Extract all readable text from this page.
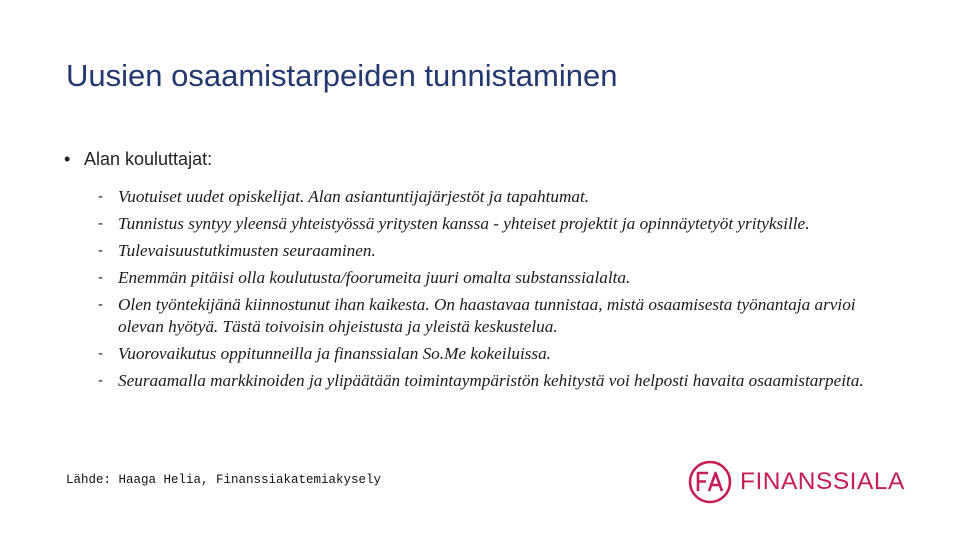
Uusien osaamistarpeiden tunnistaminen
• Alan kouluttajat:
- Vuotuiset uudet opiskelijat. Alan asiantuntijajärjestöt ja tapahtumat.
- Tunnistus syntyy yleensä yhteistyössä yritysten kanssa - yhteiset projektit ja opinnäytetyöt yrityksille.
- Tulevaisuustutkimusten seuraaminen.
- Enemmän pitäisi olla koulutusta/foorumeita juuri omalta substanssialalta.
- Olen työntekijänä kiinnostunut ihan kaikesta. On haastavaa tunnistaa, mistä osaamisesta työnantaja arvioi olevan hyötyä. Tästä toivoisin ohjeistusta ja yleistä keskustelua.
- Vuorovaikutus oppitunneilla ja finanssialan So.Me kokeiluissa.
- Seuraamalla markkinoiden ja ylipäätään toimintaympäristön kehitystä voi helposti havaita osaamistarpeita.
Lähde: Haaga Helia, Finanssiakatemiakysely	FINANSSIALA
